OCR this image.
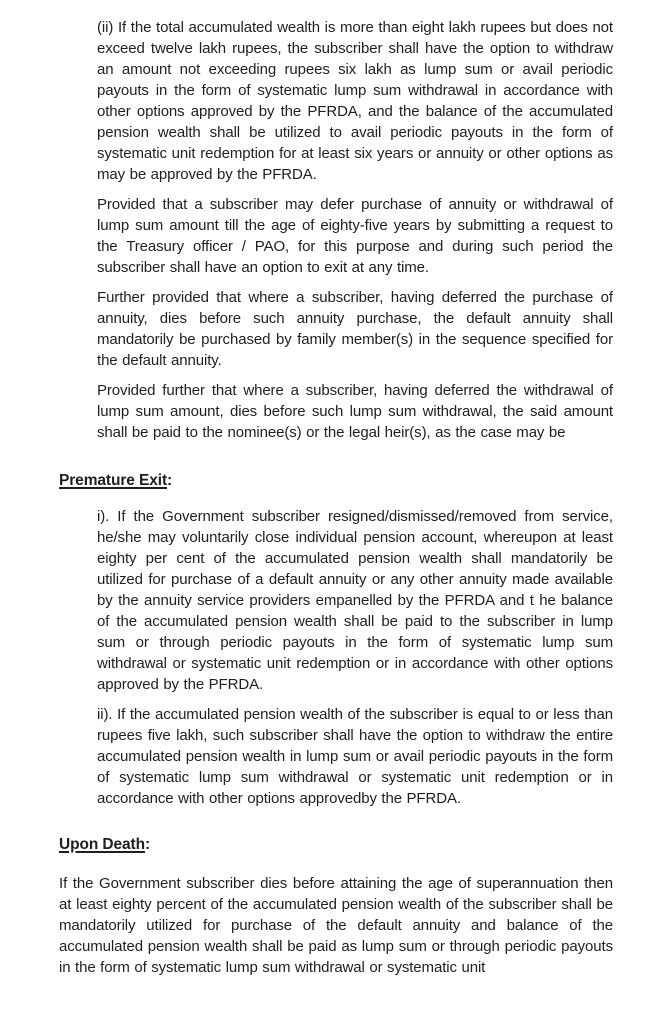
(ii) If the total accumulated wealth is more than eight lakh rupees but does not exceed twelve lakh rupees, the subscriber shall have the option to withdraw an amount not exceeding rupees six lakh as lump sum or avail periodic payouts in the form of systematic lump sum withdrawal in accordance with other options approved by the PFRDA, and the balance of the accumulated pension wealth shall be utilized to avail periodic payouts in the form of systematic unit redemption for at least six years or annuity or other options as may be approved by the PFRDA.

Provided that a subscriber may defer purchase of annuity or withdrawal of lump sum amount till the age of eighty-five years by submitting a request to the Treasury officer / PAO, for this purpose and during such period the subscriber shall have an option to exit at any time.

Further provided that where a subscriber, having deferred the purchase of annuity, dies before such annuity purchase, the default annuity shall mandatorily be purchased by family member(s) in the sequence specified for the default annuity.

Provided further that where a subscriber, having deferred the withdrawal of lump sum amount, dies before such lump sum withdrawal, the said amount shall be paid to the nominee(s) or the legal heir(s), as the case may be

Premature Exit:

i). If the Government subscriber resigned/dismissed/removed from service, he/she may voluntarily close individual pension account, whereupon at least eighty per cent of the accumulated pension wealth shall mandatorily be utilized for purchase of a default annuity or any other annuity made available by the annuity service providers empanelled by the PFRDA and t he balance of the accumulated pension wealth shall be paid to the subscriber in lump sum or through periodic payouts in the form of systematic lump sum withdrawal or systematic unit redemption or in accordance with other options approved by the PFRDA.

ii). If the accumulated pension wealth of the subscriber is equal to or less than rupees five lakh, such subscriber shall have the option to withdraw the entire accumulated pension wealth in lump sum or avail periodic payouts in the form of systematic lump sum withdrawal or systematic unit redemption or in accordance with other options approvedby the PFRDA.

Upon Death:

If the Government subscriber dies before attaining the age of superannuation then at least eighty percent of the accumulated pension wealth of the subscriber shall be mandatorily utilized for purchase of the default annuity and balance of the accumulated pension wealth shall be paid as lump sum or through periodic payouts in the form of systematic lump sum withdrawal or systematic unit
